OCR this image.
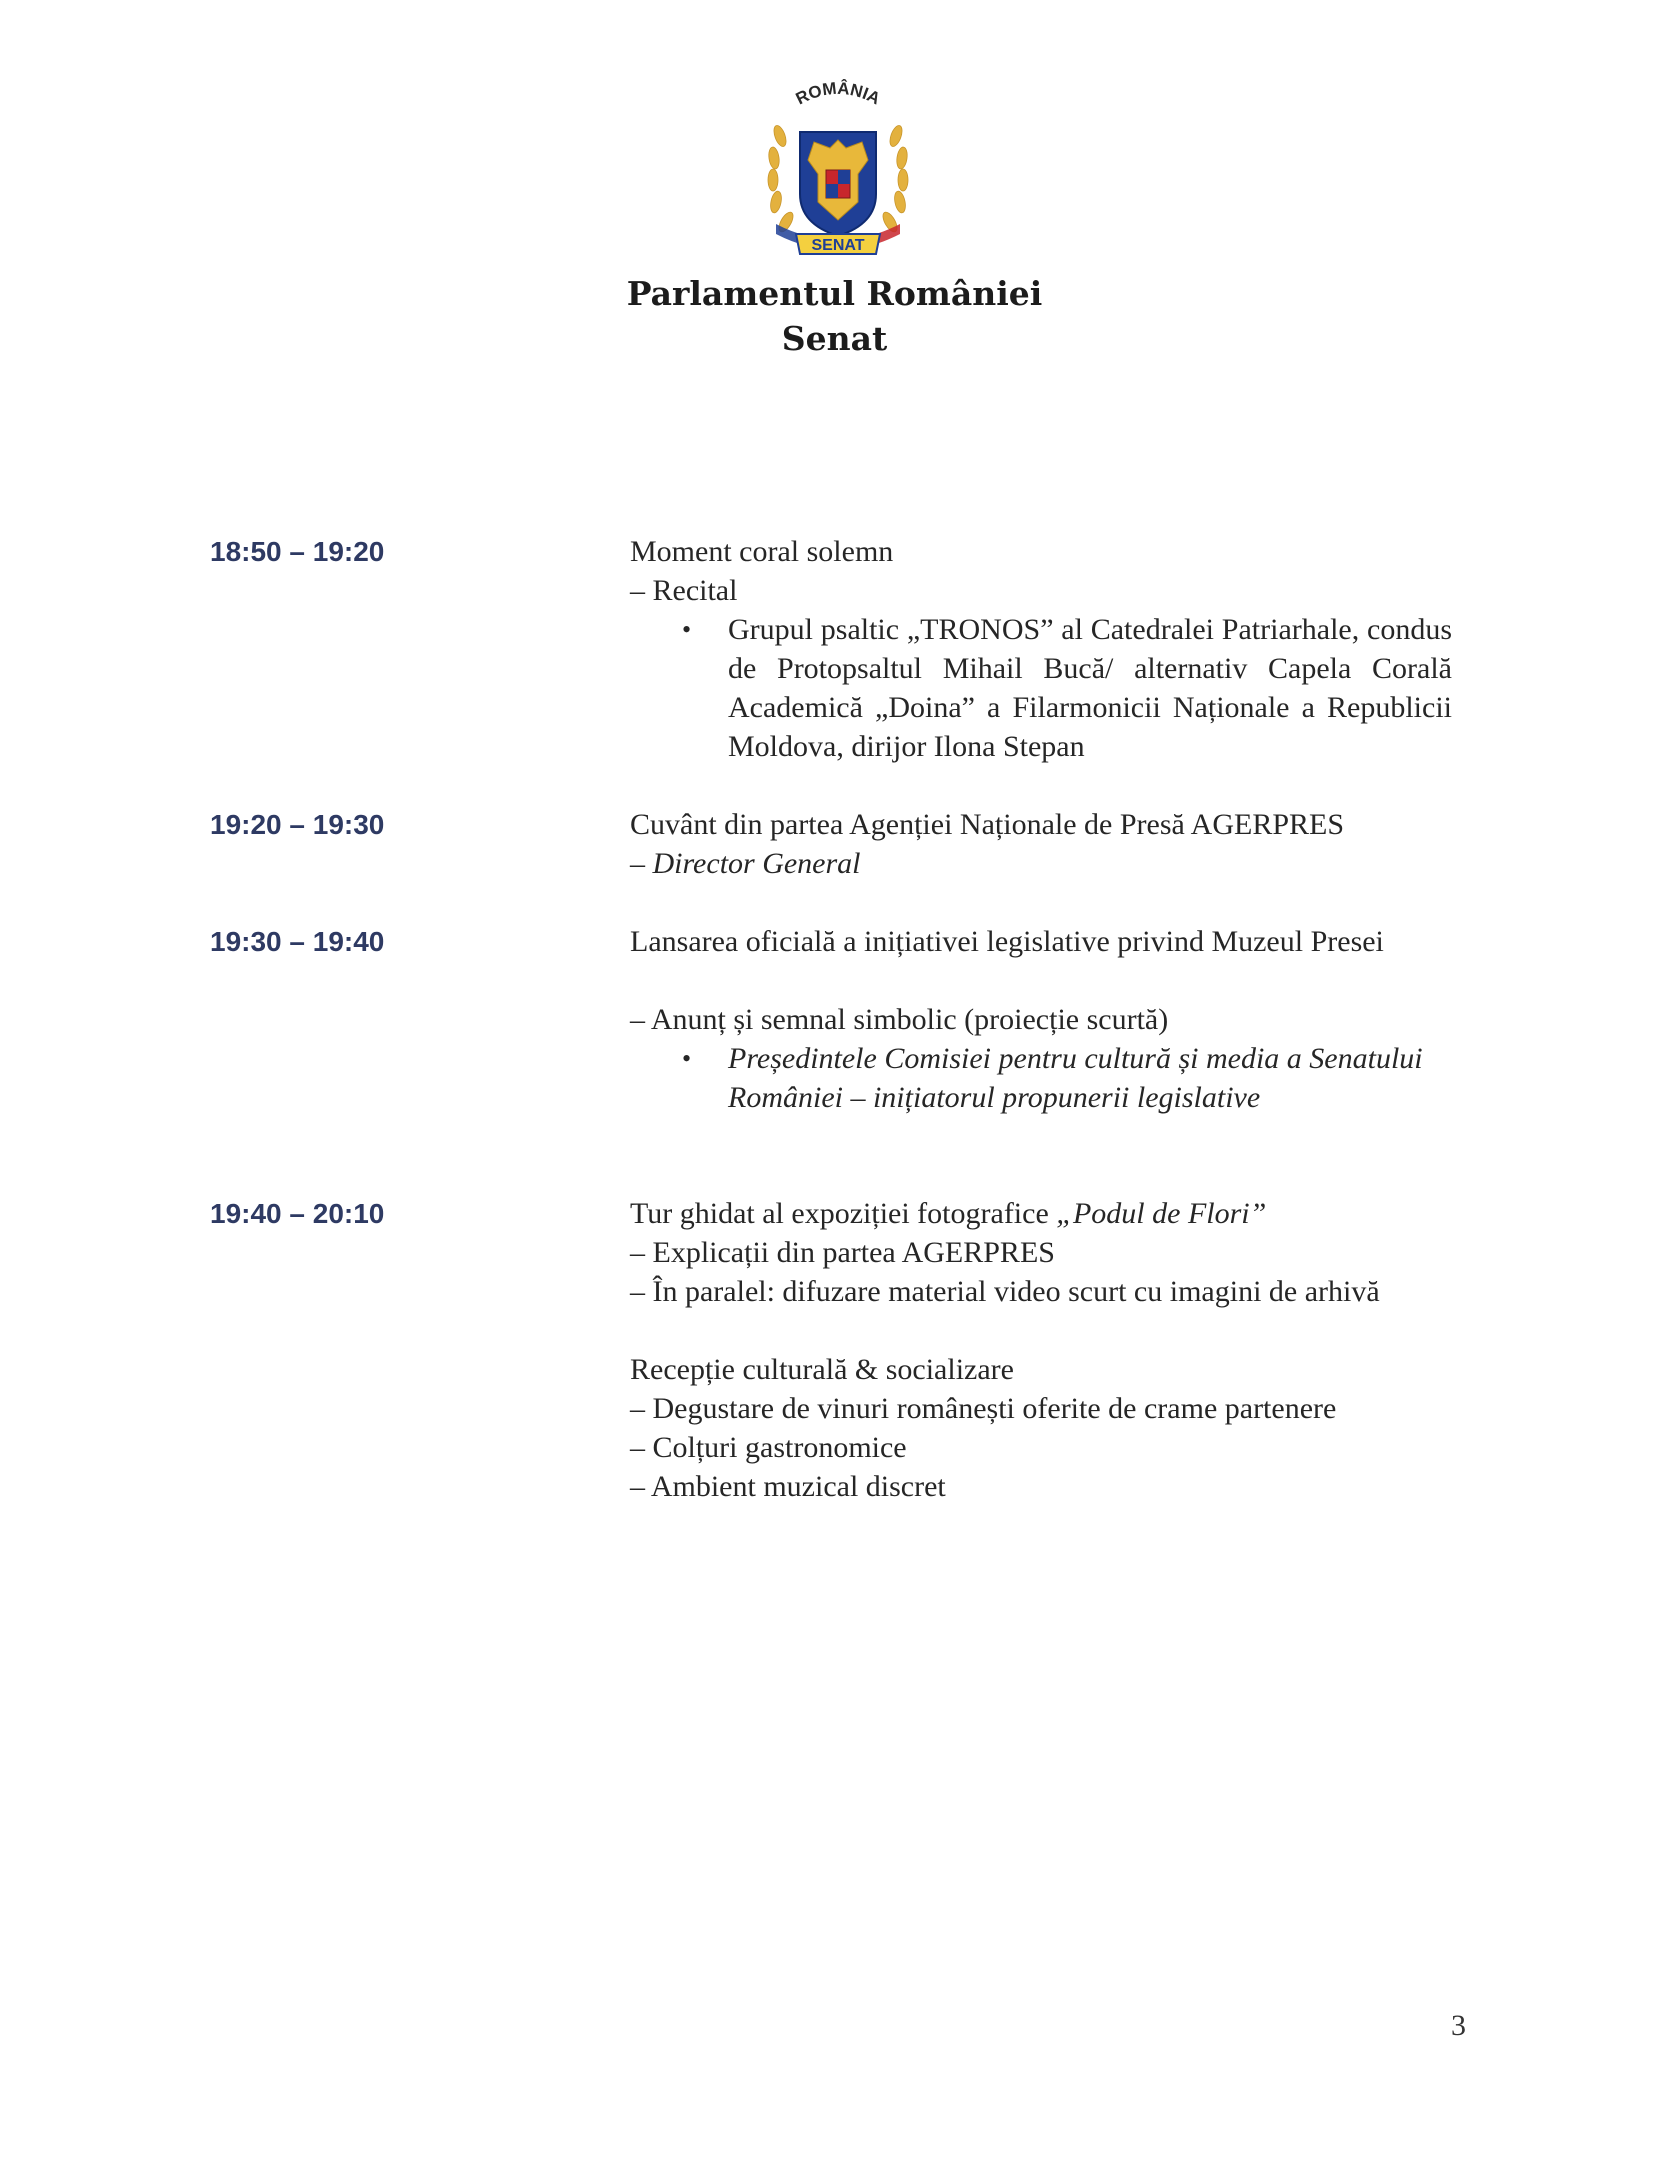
ROMÂNIA
SENAT
Parlamentul României
Senat
18:50 – 19:20	Moment coral solemn
– Recital
• Grupul psaltic „TRONOS” al Catedralei Patriarhale, condus de Protopsaltul Mihail Bucă/ alternativ Capela Corală Academică „Doina” a Filarmonicii Naționale a Republicii Moldova, dirijor Ilona Stepan
19:20 – 19:30	Cuvânt din partea Agenției Naționale de Presă AGERPRES
– Director General
19:30 – 19:40	Lansarea oficială a inițiativei legislative privind Muzeul Presei
– Anunț și semnal simbolic (proiecție scurtă)
• Președintele Comisiei pentru cultură și media a Senatului României – inițiatorul propunerii legislative
19:40 – 20:10	Tur ghidat al expoziției fotografice „Podul de Flori”
– Explicații din partea AGERPRES
– În paralel: difuzare material video scurt cu imagini de arhivă
Recepție culturală & socializare
– Degustare de vinuri românești oferite de crame partenere
– Colțuri gastronomice
– Ambient muzical discret
3
